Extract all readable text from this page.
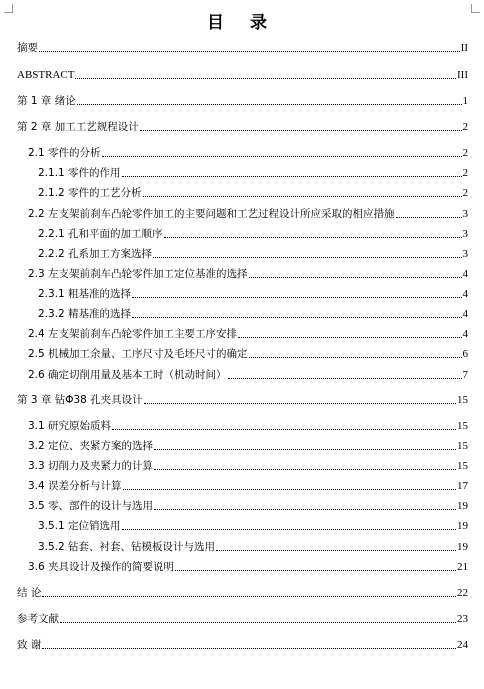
目 录
摘要	II
ABSTRACT	III
第 1 章 绪论	1
第 2 章 加工工艺规程设计	2
2.1 零件的分析	2
2.1.1 零件的作用	2
2.1.2 零件的工艺分析	2
2.2 左支架前刹车凸轮零件加工的主要问题和工艺过程设计所应采取的相应措施	3
2.2.1 孔和平面的加工顺序	3
2.2.2 孔系加工方案选择	3
2.3 左支架前刹车凸轮零件加工定位基准的选择	4
2.3.1 粗基准的选择	4
2.3.2 精基准的选择	4
2.4 左支架前刹车凸轮零件加工主要工序安排	4
2.5 机械加工余量、工序尺寸及毛坯尺寸的确定	6
2.6 确定切削用量及基本工时（机动时间）	7
第 3 章 钻Φ38 孔夹具设计	15
3.1 研究原始质料	15
3.2 定位、夹紧方案的选择	15
3.3 切削力及夹紧力的计算	15
3.4 误差分析与计算	17
3.5 零、部件的设计与选用	19
3.5.1 定位销选用	19
3.5.2 钻套、衬套、钻模板设计与选用	19
3.6 夹具设计及操作的简要说明	21
结 论	22
参考文献	23
致 谢	24
